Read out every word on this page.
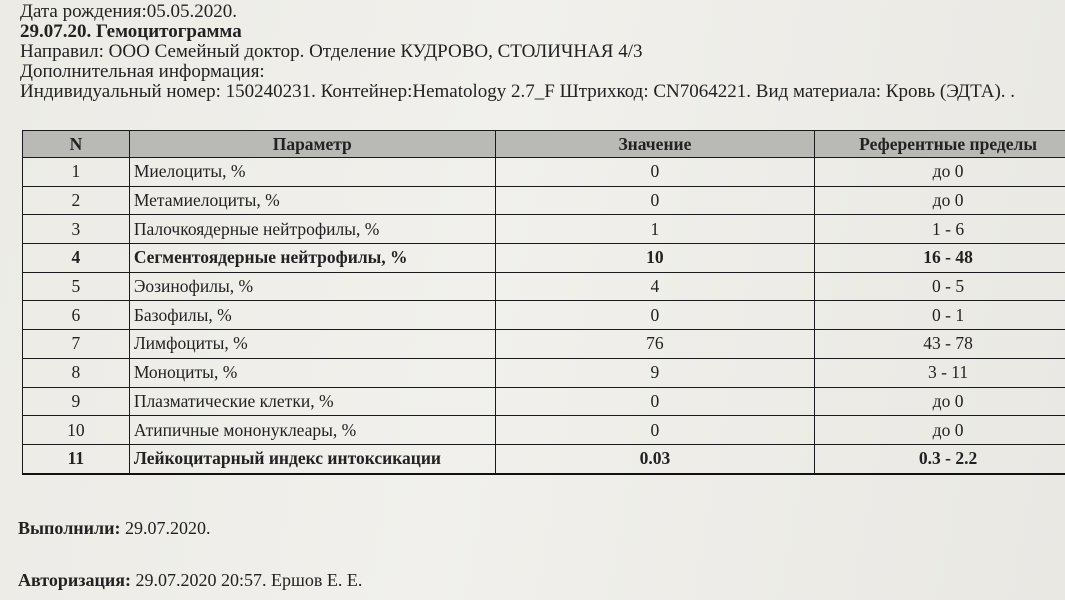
Дата рождения:05.05.2020.
29.07.20. Гемоцитограмма
Направил: ООО Семейный доктор. Отделение КУДРОВО, СТОЛИЧНАЯ 4/3
Дополнительная информация:
Индивидуальный номер: 150240231. Контейнер:Hematology 2.7_F Штрихкод: CN7064221. Вид материала: Кровь (ЭДТА). .
N	Параметр	Значение	Референтные пределы
1	Миелоциты, %	0	до 0
2	Метамиелоциты, %	0	до 0
3	Палочкоядерные нейтрофилы, %	1	1 - 6
4	Сегментоядерные нейтрофилы, %	10	16 - 48
5	Эозинофилы, %	4	0 - 5
6	Базофилы, %	0	0 - 1
7	Лимфоциты, %	76	43 - 78
8	Моноциты, %	9	3 - 11
9	Плазматические клетки, %	0	до 0
10	Атипичные мононуклеары, %	0	до 0
11	Лейкоцитарный индекс интоксикации	0.03	0.3 - 2.2
Выполнили: 29.07.2020.
Авторизация: 29.07.2020 20:57. Ершов Е. Е.
